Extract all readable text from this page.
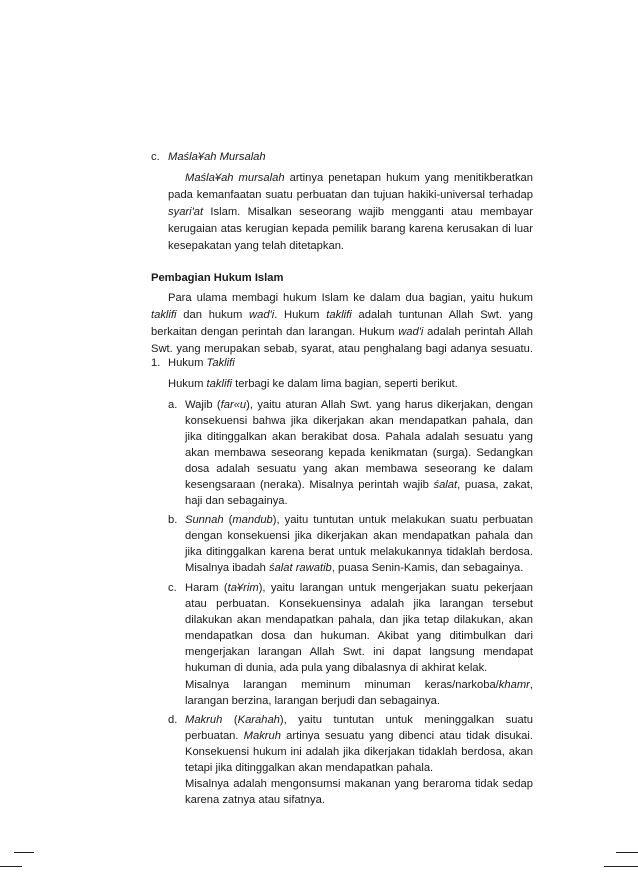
c. Maśla¥ah Mursalah
Maśla¥ah mursalah artinya penetapan hukum yang menitikberatkan
pada kemanfaatan suatu perbuatan dan tujuan hakiki-universal terhadap
syari'at Islam. Misalkan seseorang wajib mengganti atau membayar
kerugaian atas kerugian kepada pemilik barang karena kerusakan di luar
kesepakatan yang telah ditetapkan.
Pembagian Hukum Islam
Para ulama membagi hukum Islam ke dalam dua bagian, yaitu hukum
taklifi dan hukum wad'i. Hukum taklifi adalah tuntunan Allah Swt. yang
berkaitan dengan perintah dan larangan. Hukum wad'i adalah perintah Allah
Swt. yang merupakan sebab, syarat, atau penghalang bagi adanya sesuatu.
1. Hukum Taklifi
Hukum taklifi terbagi ke dalam lima bagian, seperti berikut.
a. Wajib (far«u), yaitu aturan Allah Swt. yang harus dikerjakan, dengan
konsekuensi bahwa jika dikerjakan akan mendapatkan pahala, dan
jika ditinggalkan akan berakibat dosa. Pahala adalah sesuatu yang
akan membawa seseorang kepada kenikmatan (surga). Sedangkan
dosa adalah sesuatu yang akan membawa seseorang ke dalam
kesengsaraan (neraka). Misalnya perintah wajib śalat, puasa, zakat,
haji dan sebagainya.
b. Sunnah (mandub), yaitu tuntutan untuk melakukan suatu perbuatan
dengan konsekuensi jika dikerjakan akan mendapatkan pahala dan
jika ditinggalkan karena berat untuk melakukannya tidaklah berdosa.
Misalnya ibadah śalat rawatib, puasa Senin-Kamis, dan sebagainya.
c. Haram (ta¥rim), yaitu larangan untuk mengerjakan suatu pekerjaan
atau perbuatan. Konsekuensinya adalah jika larangan tersebut
dilakukan akan mendapatkan pahala, dan jika tetap dilakukan, akan
mendapatkan dosa dan hukuman. Akibat yang ditimbulkan dari
mengerjakan larangan Allah Swt. ini dapat langsung mendapat
hukuman di dunia, ada pula yang dibalasnya di akhirat kelak.
Misalnya larangan meminum minuman keras/narkoba/khamr,
larangan berzina, larangan berjudi dan sebagainya.
d. Makruh (Karahah), yaitu tuntutan untuk meninggalkan suatu
perbuatan. Makruh artinya sesuatu yang dibenci atau tidak disukai.
Konsekuensi hukum ini adalah jika dikerjakan tidaklah berdosa, akan
tetapi jika ditinggalkan akan mendapatkan pahala.
Misalnya adalah mengonsumsi makanan yang beraroma tidak sedap
karena zatnya atau sifatnya.
